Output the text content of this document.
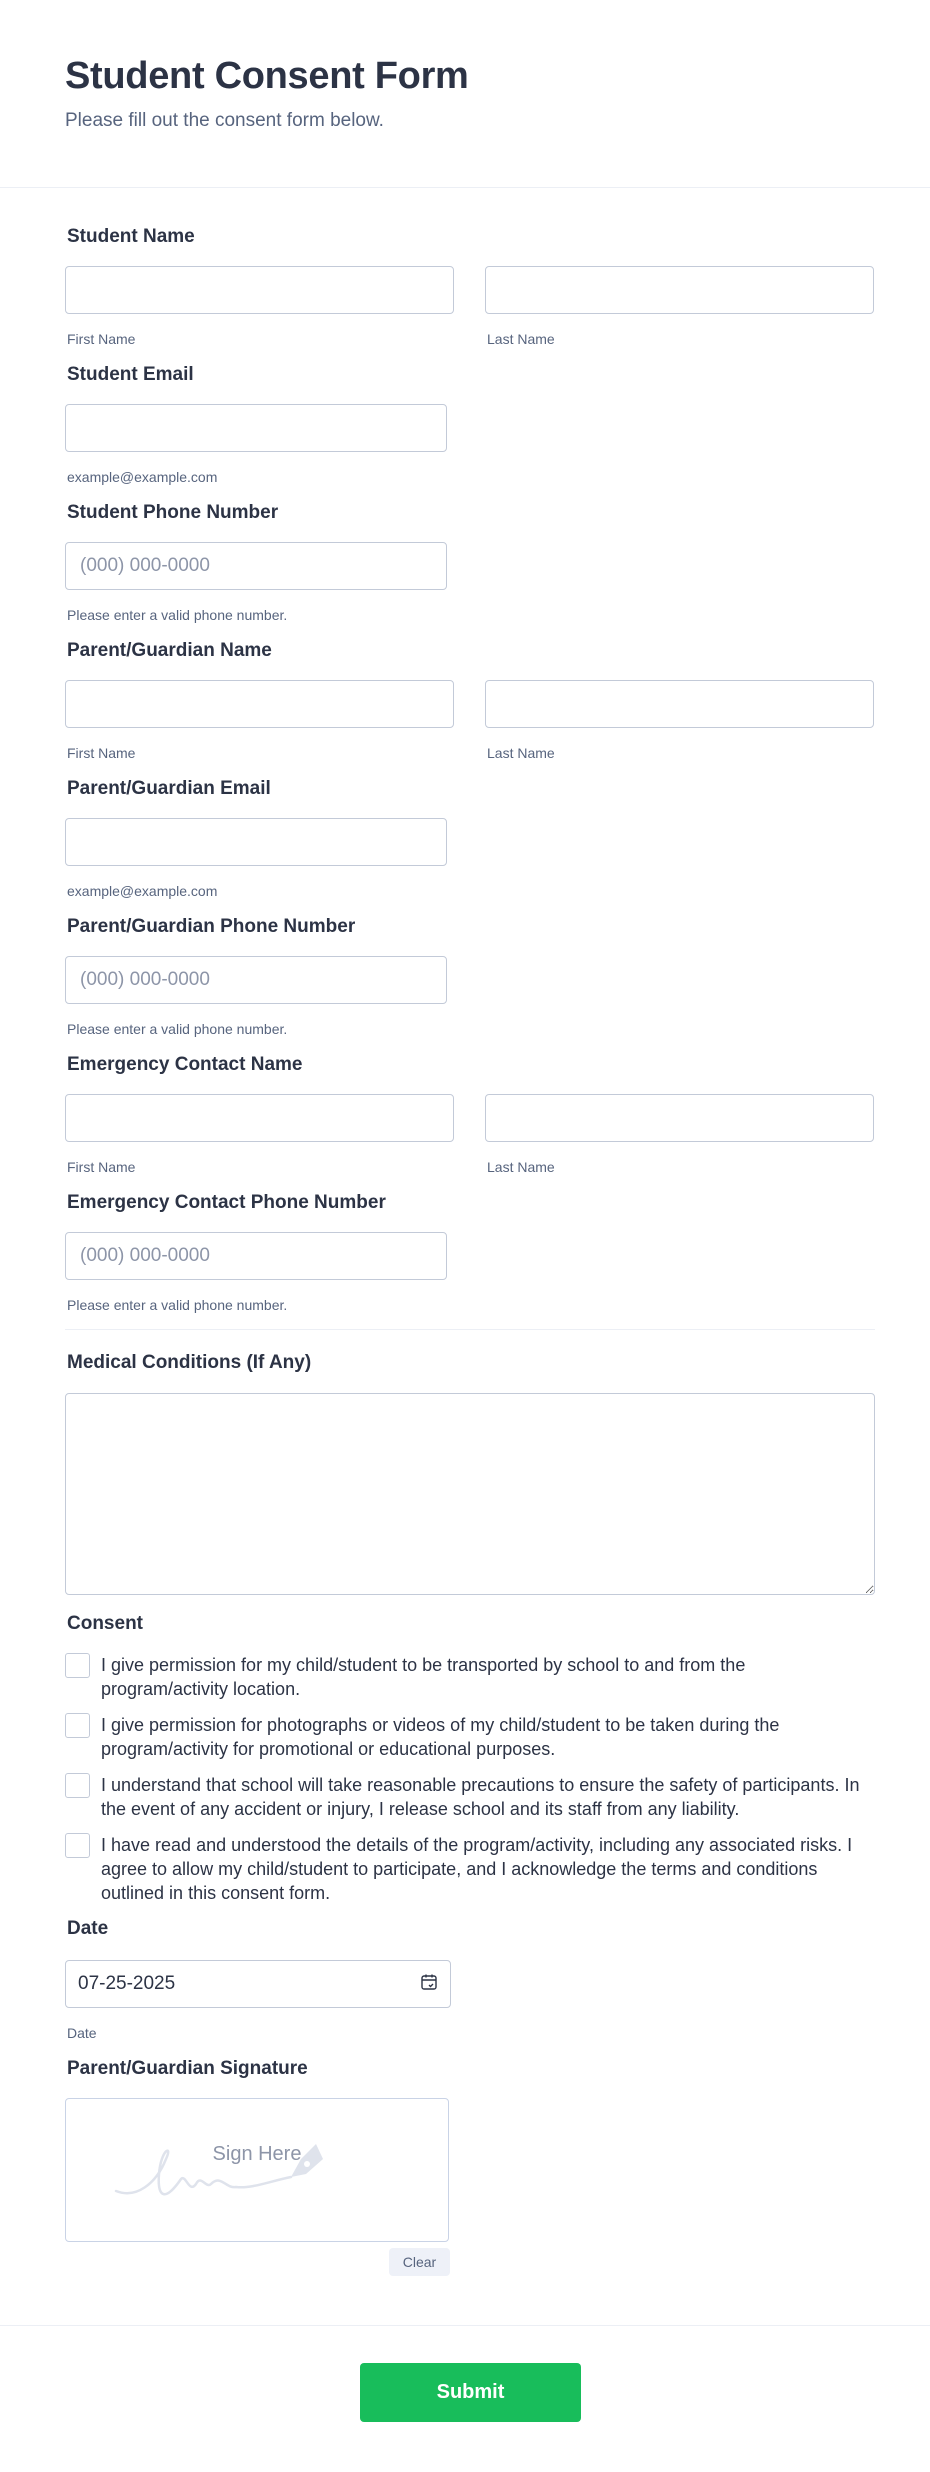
Student Consent Form

Please fill out the consent form below.

Student Name
First Name	Last Name
Student Email
example@example.com
Student Phone Number
(000) 000-0000
Please enter a valid phone number.
Parent/Guardian Name
First Name	Last Name
Parent/Guardian Email
example@example.com
Parent/Guardian Phone Number
(000) 000-0000
Please enter a valid phone number.
Emergency Contact Name
First Name	Last Name
Emergency Contact Phone Number
(000) 000-0000
Please enter a valid phone number.
Medical Conditions (If Any)
Consent
I give permission for my child/student to be transported by school to and from the program/activity location.
I give permission for photographs or videos of my child/student to be taken during the program/activity for promotional or educational purposes.
I understand that school will take reasonable precautions to ensure the safety of participants. In the event of any accident or injury, I release school and its staff from any liability.
I have read and understood the details of the program/activity, including any associated risks. I agree to allow my child/student to participate, and I acknowledge the terms and conditions outlined in this consent form.
Date
07-25-2025
Date
Parent/Guardian Signature
Sign Here
Clear
Submit
